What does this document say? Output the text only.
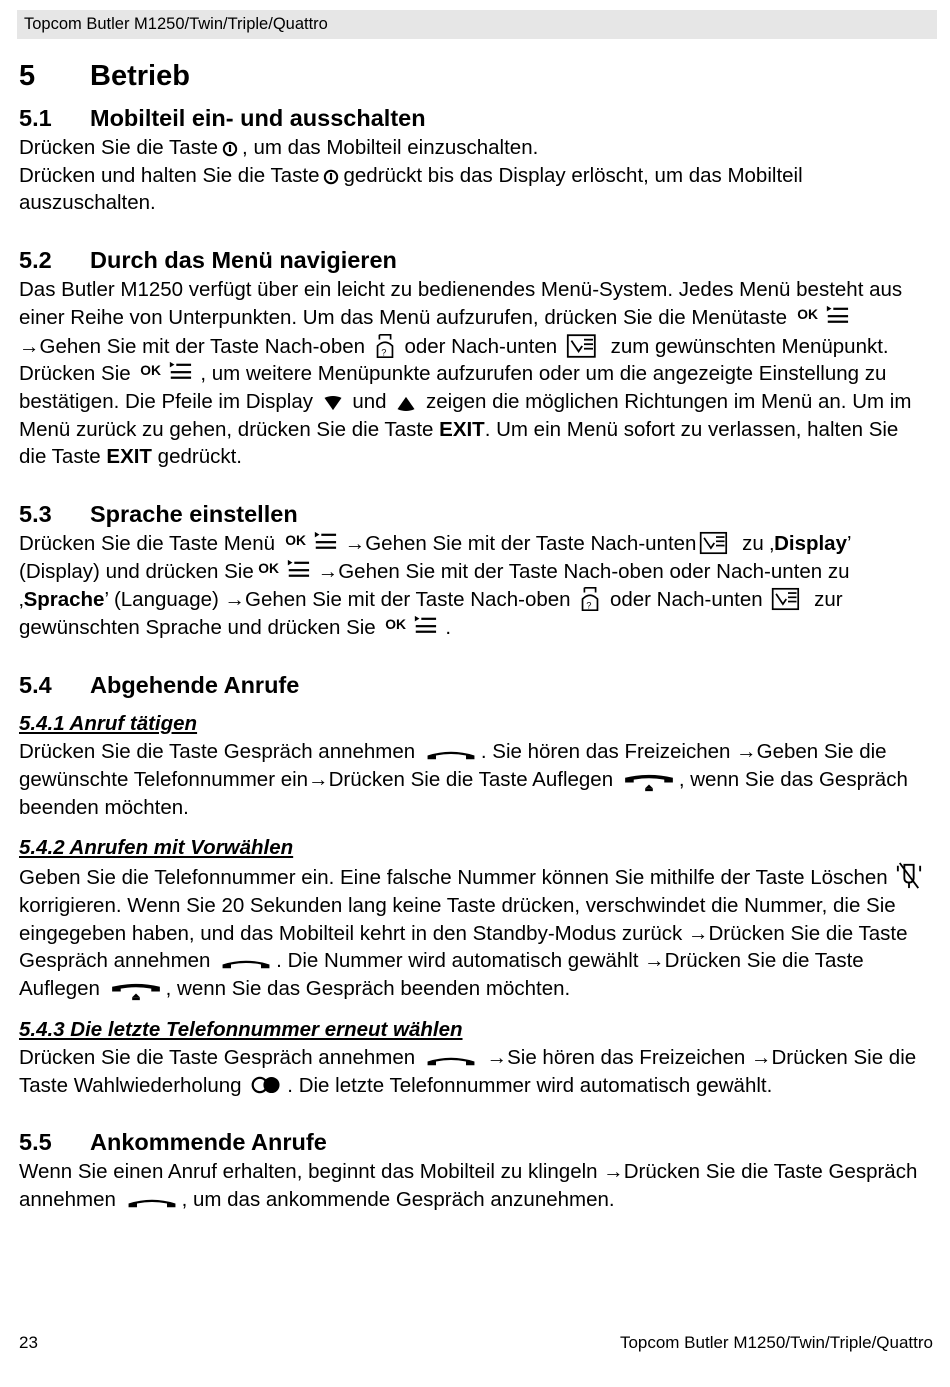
Topcom Butler M1250/Twin/Triple/Quattro
5 Betrieb
5.1 Mobilteil ein- und ausschalten

Drücken Sie die Taste , um das Mobilteil einzuschalten.
Drücken und halten Sie die Taste gedrückt bis das Display erlöscht, um das Mobilteil auszuschalten.

5.2 Durch das Menü navigieren

Das Butler M1250 verfügt über ein leicht zu bedienendes Menü-System. Jedes Menü besteht aus einer Reihe von Unterpunkten. Um das Menü aufzurufen, drücken Sie die Menütaste →Gehen Sie mit der Taste Nach-oben oder Nach-unten	zum gewünschten Menüpunkt. Drücken Sie	, um weitere Menüpunkte aufzurufen oder um die angezeigte Einstellung zu bestätigen. Die Pfeile im Display und zeigen die möglichen Richtungen im Menü an. Um im Menü zurück zu gehen, drücken Sie die Taste EXIT. Um ein Menü sofort zu verlassen, halten Sie die Taste EXIT gedrückt.

5.3 Sprache einstellen

Drücken Sie die Taste Menü	→Gehen Sie mit der Taste Nach-unten zu ‚Display’ (Display) und drücken Sie	→Gehen Sie mit der Taste Nach-oben oder Nach-unten zu ‚Sprache’ (Language) →Gehen Sie mit der Taste Nach-oben oder Nach-unten	zur gewünschten Sprache und drücken Sie	.

5.4 Abgehende Anrufe
5.4.1 Anruf tätigen

Drücken Sie die Taste Gespräch annehmen	. Sie hören das Freizeichen →Geben Sie die gewünschte Telefonnummer ein→Drücken Sie die Taste Auflegen	, wenn Sie das Gespräch beenden möchten.

5.4.2 Anrufen mit Vorwählen

Geben Sie die Telefonnummer ein. Eine falsche Nummer können Sie mithilfe der Taste Löschen  korrigieren. Wenn Sie 20 Sekunden lang keine Taste drücken, verschwindet die Nummer, die Sie eingegeben haben, und das Mobilteil kehrt in den Standby-Modus zurück →Drücken Sie die Taste Gespräch annehmen	. Die Nummer wird automatisch gewählt →Drücken Sie die Taste Auflegen	, wenn Sie das Gespräch beenden möchten.

5.4.3 Die letzte Telefonnummer erneut wählen

Drücken Sie die Taste Gespräch annehmen	→Sie hören das Freizeichen →Drücken Sie die Taste Wahlwiederholung . Die letzte Telefonnummer wird automatisch gewählt.

5.5 Ankommende Anrufe

Wenn Sie einen Anruf erhalten, beginnt das Mobilteil zu klingeln →Drücken Sie die Taste Gespräch annehmen	, um das ankommende Gespräch anzunehmen.

23	Topcom Butler M1250/Twin/Triple/Quattro
